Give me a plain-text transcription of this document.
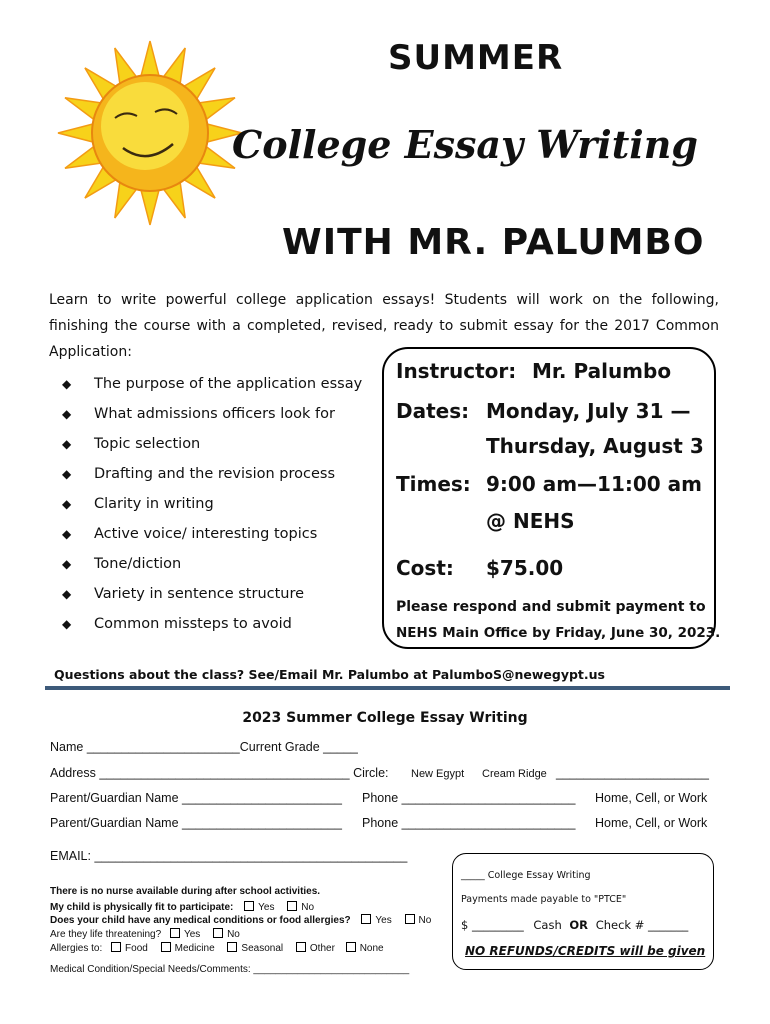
SUMMER
College Essay Writing
WITH MR. PALUMBO
Learn to write powerful college application essays! Students will work on the following, finishing the course with a completed, revised, ready to submit essay for the 2017 Common Application:
◆ The purpose of the application essay
◆ What admissions officers look for
◆ Topic selection
◆ Drafting and the revision process
◆ Clarity in writing
◆ Active voice/ interesting topics
◆ Tone/diction
◆ Variety in sentence structure
◆ Common missteps to avoid
Instructor: Mr. Palumbo
Dates: Monday, July 31 —
Thursday, August 3
Times: 9:00 am—11:00 am
@ NEHS
Cost: $75.00
Please respond and submit payment to
NEHS Main Office by Friday, June 30, 2023.
Questions about the class? See/Email Mr. Palumbo at PalumboS@newegypt.us
2023 Summer College Essay Writing
Name ______________________Current Grade _____
Address ____________________________________ Circle: New Egypt Cream Ridge ______________________
Parent/Guardian Name _______________________ Phone _________________________ Home, Cell, or Work
Parent/Guardian Name _______________________ Phone _________________________ Home, Cell, or Work
EMAIL: _____________________________________________
There is no nurse available during after school activities.
My child is physically fit to participate: Yes	No
Does your child have any medical conditions or food allergies? Yes	No
Are they life threatening? Yes	No
Allergies to: Food	Medicine	Seasonal	Other None
Medical Condition/Special Needs/Comments: ____________________________
_____ College Essay Writing
Payments made payable to "PTCE"
$ _________ Cash OR Check # _______
NO REFUNDS/CREDITS will be given
